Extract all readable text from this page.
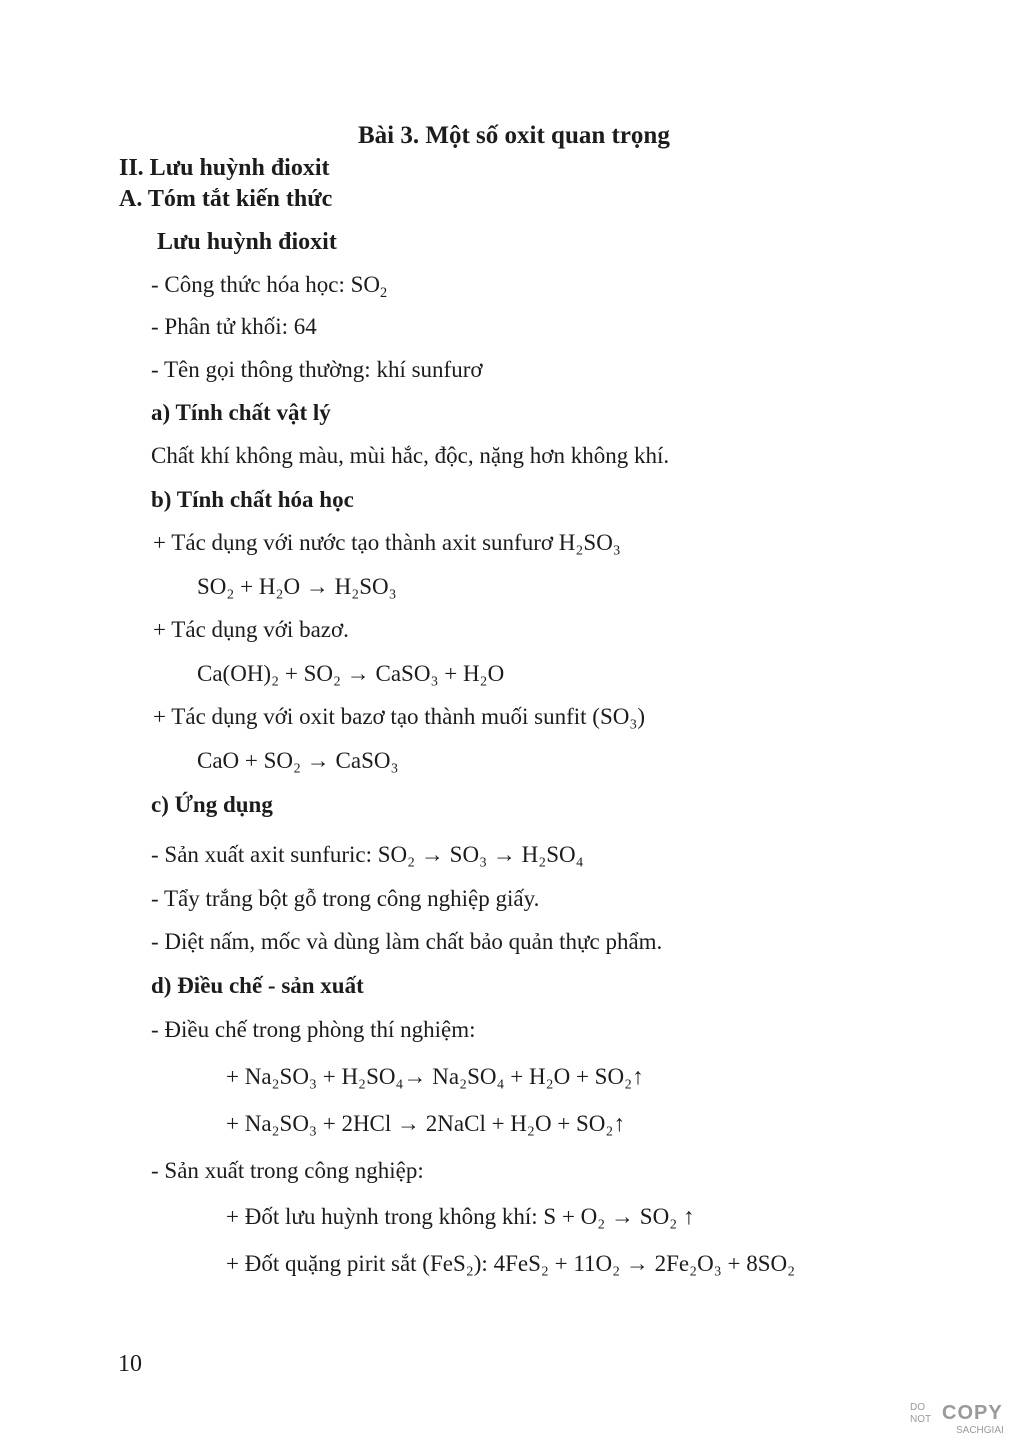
Bài 3. Một số oxit quan trọng
II. Lưu huỳnh đioxit
A. Tóm tắt kiến thức
Lưu huỳnh đioxit
- Công thức hóa học: $SO_2$
- Phân tử khối: 64
- Tên gọi thông thường: khí sunfurơ
a) Tính chất vật lý
Chất khí không màu, mùi hắc, độc, nặng hơn không khí.
b) Tính chất hóa học
+ Tác dụng với nước tạo thành axit sunfurơ H₂SO₃
SO₂ + H₂O → H₂SO₃
+ Tác dụng với bazơ.
Ca(OH)₂ + SO₂ → CaSO₃ + H₂O
+ Tác dụng với oxit bazơ tạo thành muối sunfit (SO₃)
CaO + SO₂ → CaSO₃
c) Ứng dụng
- Sản xuất axit sunfuric: SO₂ → SO₃ → H₂SO₄
- Tẩy trắng bột gỗ trong công nghiệp giấy.
- Diệt nấm, mốc và dùng làm chất bảo quản thực phẩm.
d) Điều chế - sản xuất
- Điều chế trong phòng thí nghiệm:
+ Na₂SO₃ + H₂SO₄→ Na₂SO₄ + H₂O + SO₂↑
+ Na₂SO₃ + 2HCl → 2NaCl + H₂O + SO₂↑
- Sản xuất trong công nghiệp:
+ Đốt lưu huỳnh trong không khí: S + O₂ → SO₂ ↑
+ Đốt quặng pirit sắt (FeS₂): 4FeS₂ + 11O₂ → 2Fe₂O₃ + 8SO₂
10
DO
NOT COPY
SACHGIAI
